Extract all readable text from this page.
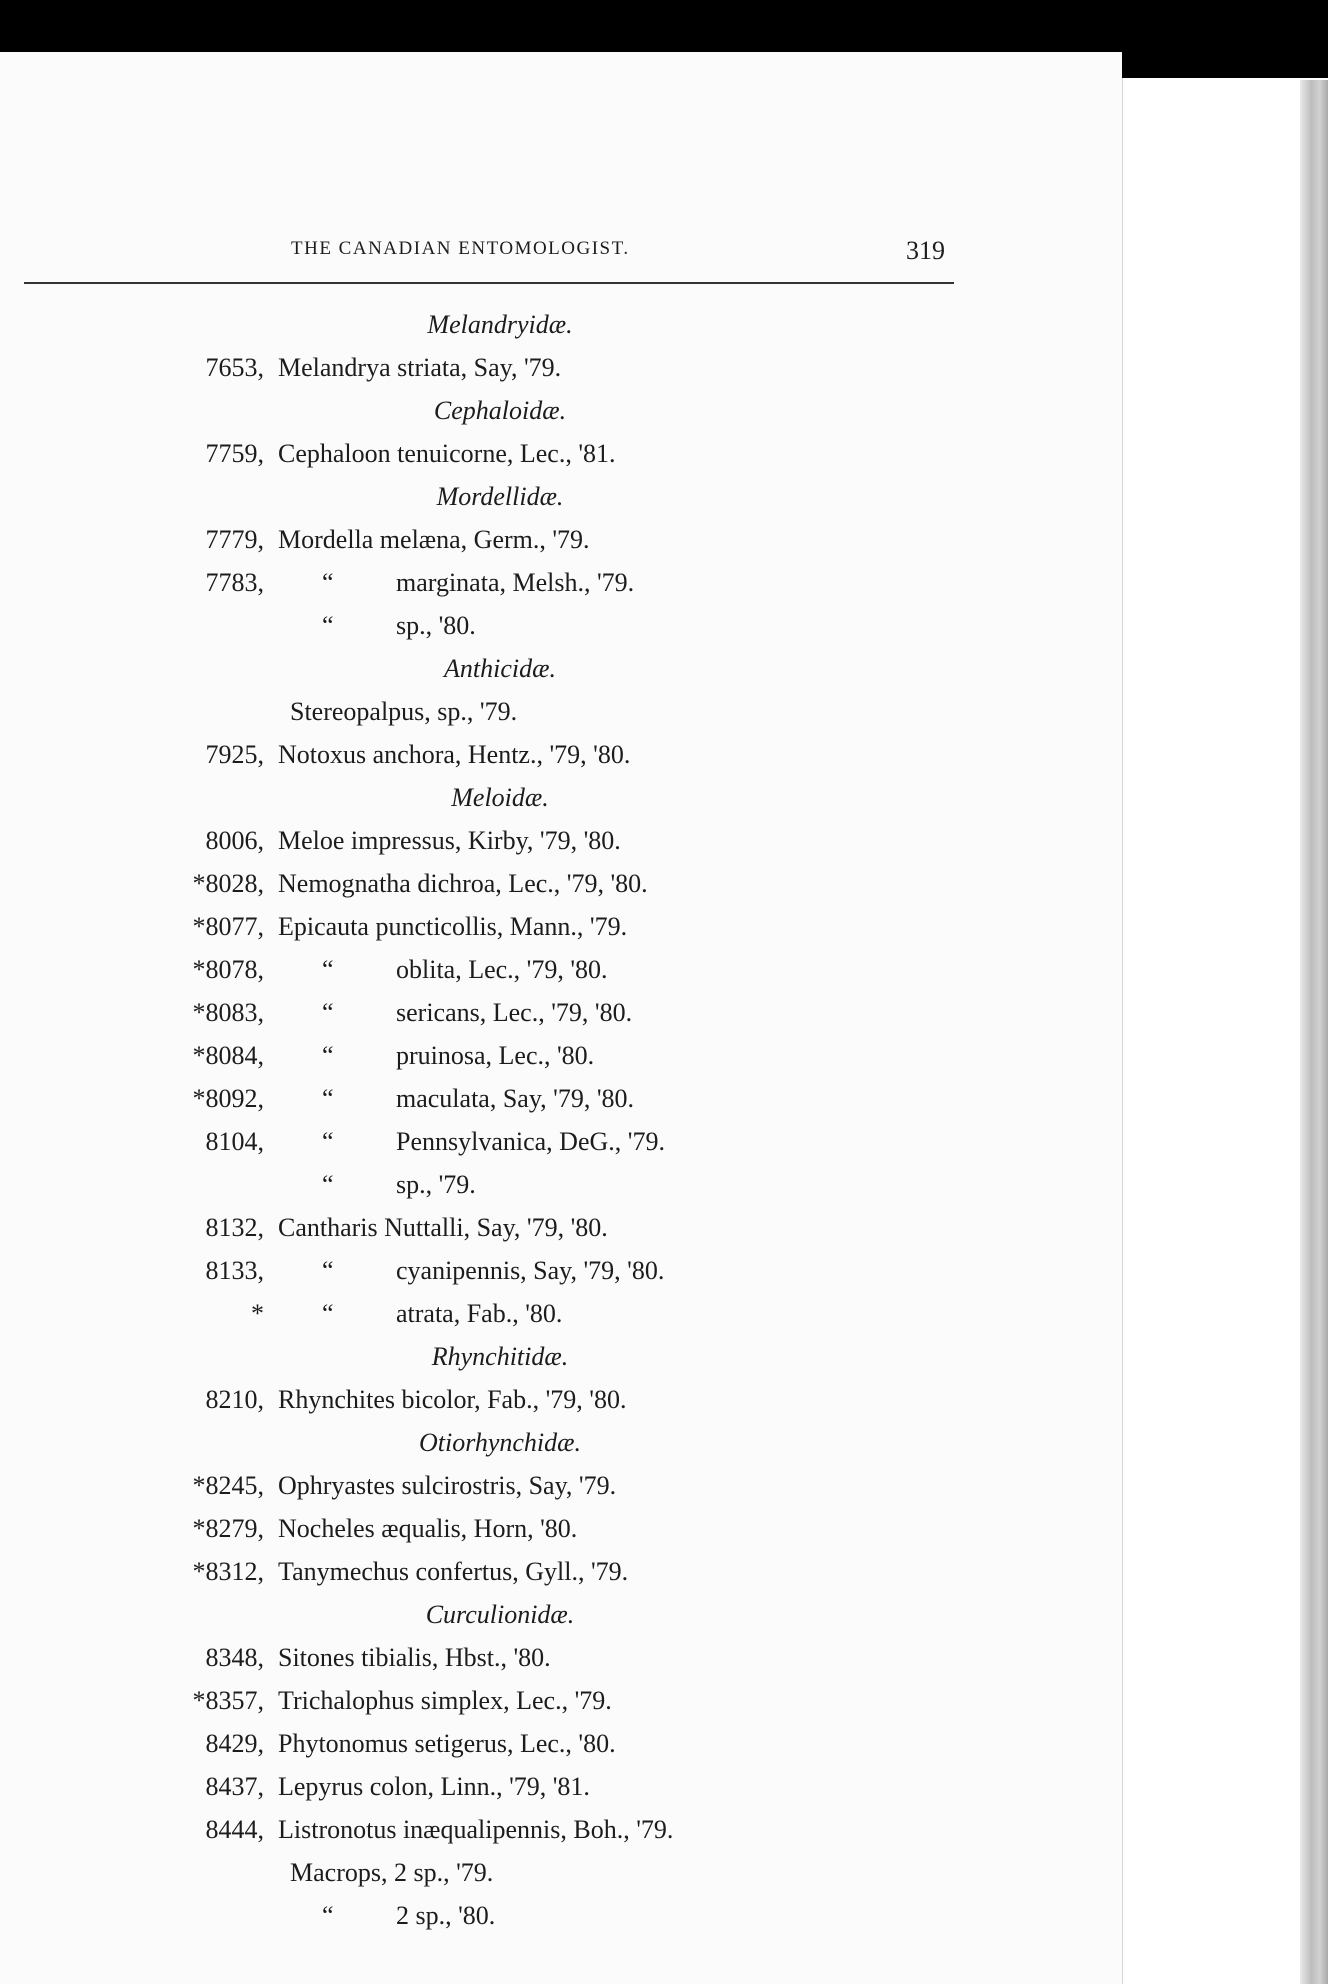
THE CANADIAN ENTOMOLOGIST.	319
Melandryidæ.
7653, Melandrya striata, Say, '79.
Cephaloidæ.
7759, Cephaloon tenuicorne, Lec., '81.
Mordellidæ.
7779, Mordella melæna, Germ., '79.
7783, “ marginata, Melsh., '79.
“ sp., '80.
Anthicidæ.
Stereopalpus, sp., '79.
7925, Notoxus anchora, Hentz., '79, '80.
Meloidæ.
8006, Meloe impressus, Kirby, '79, '80.
*8028, Nemognatha dichroa, Lec., '79, '80.
*8077, Epicauta puncticollis, Mann., '79.
*8078, “ oblita, Lec., '79, '80.
*8083, “ sericans, Lec., '79, '80.
*8084, “ pruinosa, Lec., '80.
*8092, “ maculata, Say, '79, '80.
8104, “ Pennsylvanica, DeG., '79.
“ sp., '79.
8132, Cantharis Nuttalli, Say, '79, '80.
8133, “ cyanipennis, Say, '79, '80.
* “ atrata, Fab., '80.
Rhynchitidæ.
8210, Rhynchites bicolor, Fab., '79, '80.
Otiorhynchidæ.
*8245, Ophryastes sulcirostris, Say, '79.
*8279, Nocheles æqualis, Horn, '80.
*8312, Tanymechus confertus, Gyll., '79.
Curculionidæ.
8348, Sitones tibialis, Hbst., '80.
*8357, Trichalophus simplex, Lec., '79.
8429, Phytonomus setigerus, Lec., '80.
8437, Lepyrus colon, Linn., '79, '81.
8444, Listronotus inæqualipennis, Boh., '79.
Macrops, 2 sp., '79.
“ 2 sp., '80.
